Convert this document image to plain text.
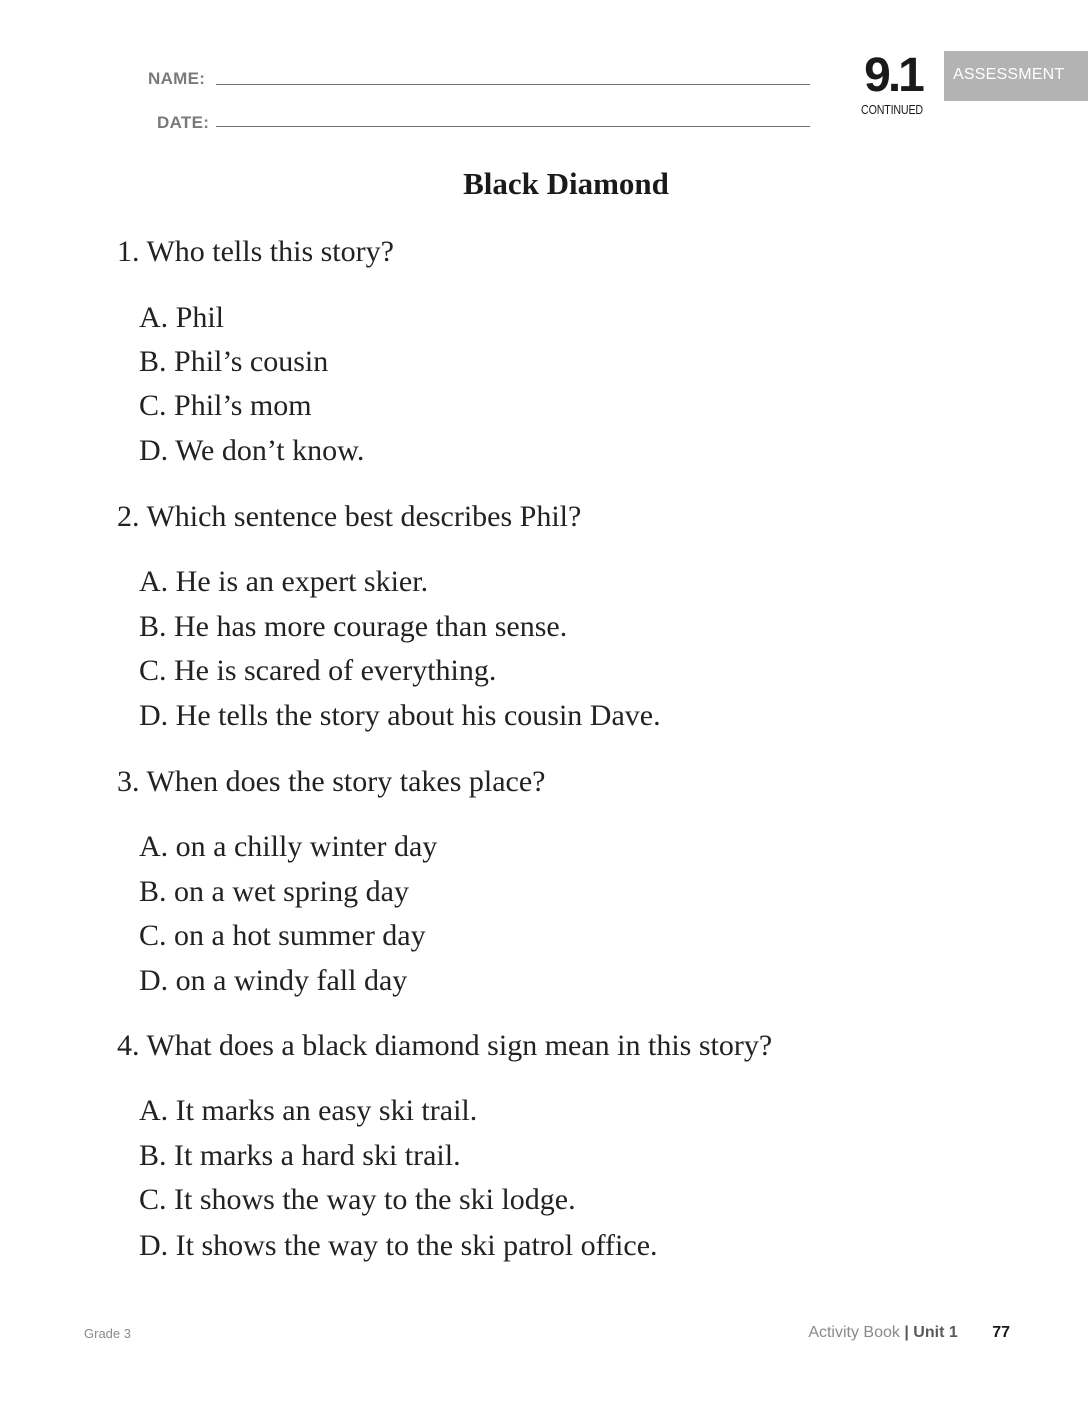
NAME:
DATE:
9.1
CONTINUED
ASSESSMENT
Black Diamond
1. Who tells this story?
A. Phil
B. Phil’s cousin
C. Phil’s mom
D. We don’t know.
2. Which sentence best describes Phil?
A. He is an expert skier.
B. He has more courage than sense.
C. He is scared of everything.
D. He tells the story about his cousin Dave.
3. When does the story takes place?
A. on a chilly winter day
B. on a wet spring day
C. on a hot summer day
D. on a windy fall day
4. What does a black diamond sign mean in this story?
A. It marks an easy ski trail.
B. It marks a hard ski trail.
C. It shows the way to the ski lodge.
D. It shows the way to the ski patrol office.
Grade 3	Activity Book | Unit 1 77
